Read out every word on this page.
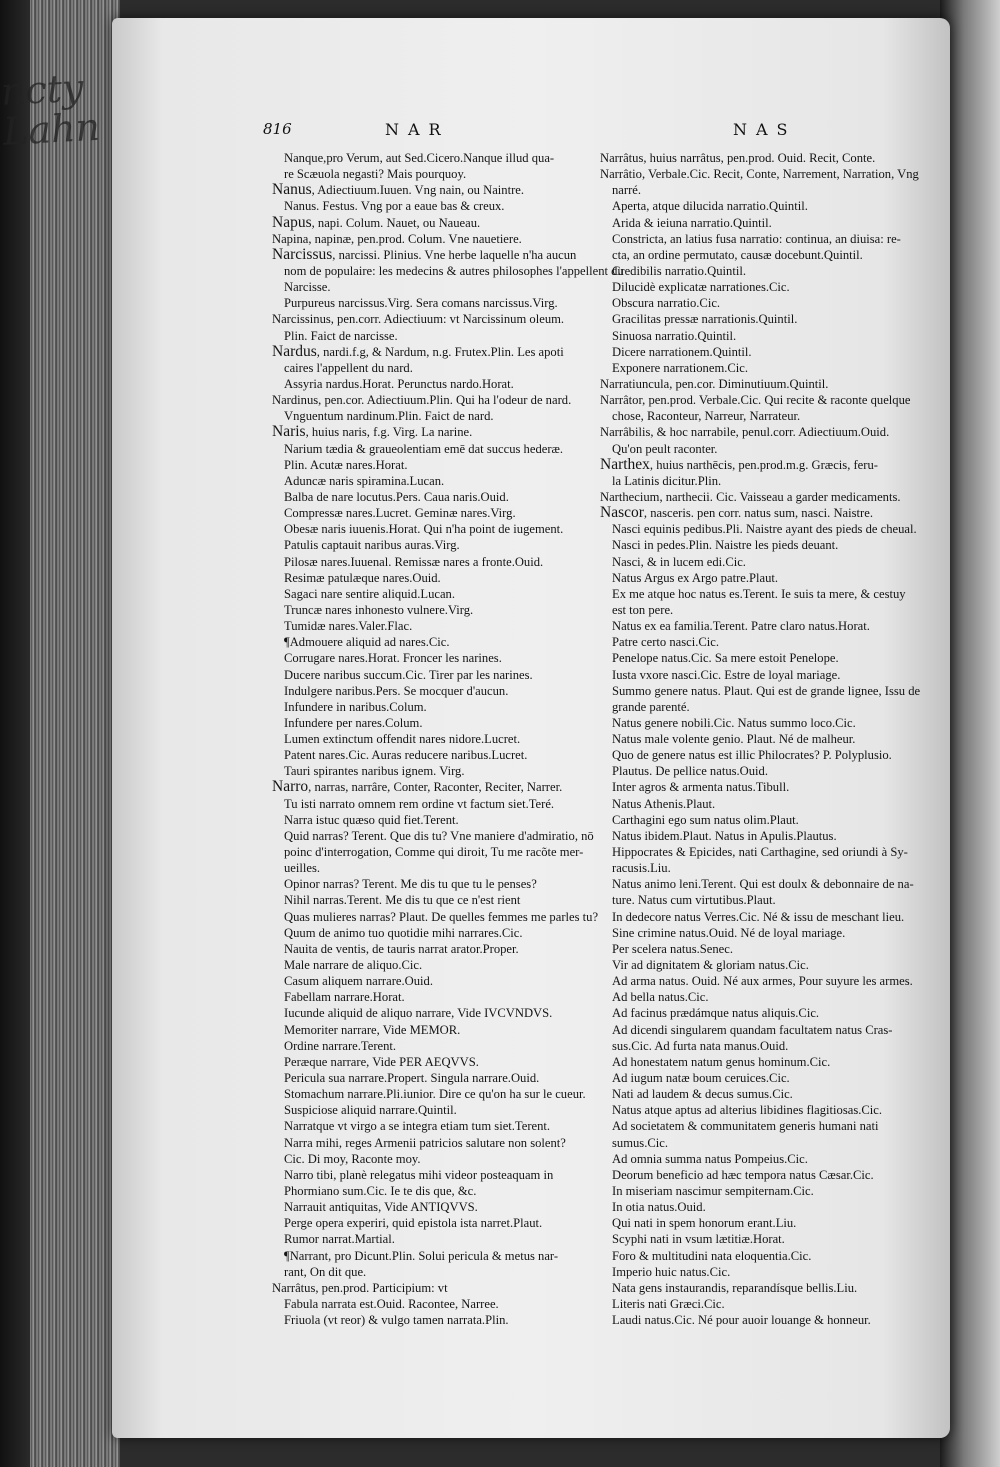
ncty Lahn	816	NAR	NAS
Nanque,pro Verum, aut Sed.Cicero.Nanque illud qua-
re Scæuola negasti? Mais pourquoy.
Nanus, Adiectiuum.Iuuen. Vng nain, ou Naintre.
Nanus. Festus. Vng por a eaue bas & creux.
Napus, napi. Colum. Nauet, ou Naueau.
Napina, napinæ, pen.prod. Colum. Vne nauetiere.
Narcissus, narcissi. Plinius. Vne herbe laquelle n'ha aucun
nom de populaire: les medecins & autres philosophes l'appellent du
Narcisse.
Purpureus narcissus.Virg. Sera comans narcissus.Virg.
Narcissinus, pen.corr. Adiectiuum: vt Narcissinum oleum.
Plin. Faict de narcisse.
Nardus, nardi.f.g, & Nardum, n.g. Frutex.Plin. Les apoti
caires l'appellent du nard.
Assyria nardus.Horat. Perunctus nardo.Horat.
Nardinus, pen.cor. Adiectiuum.Plin. Qui ha l'odeur de nard.
Vnguentum nardinum.Plin. Faict de nard.
Naris, huius naris, f.g. Virg. La narine.
Narium tædia & graueolentiam emē dat succus hederæ.
Plin. Acutæ nares.Horat.
Aduncæ naris spiramina.Lucan.
Balba de nare locutus.Pers. Caua naris.Ouid.
Compressæ nares.Lucret. Geminæ nares.Virg.
Obesæ naris iuuenis.Horat. Qui n'ha point de iugement.
Patulis captauit naribus auras.Virg.
Pilosæ nares.Iuuenal. Remissæ nares a fronte.Ouid.
Resimæ patulæque nares.Ouid.
Sagaci nare sentire aliquid.Lucan.
Truncæ nares inhonesto vulnere.Virg.
Tumidæ nares.Valer.Flac.
¶Admouere aliquid ad nares.Cic.
Corrugare nares.Horat. Froncer les narines.
Ducere naribus succum.Cic. Tirer par les narines.
Indulgere naribus.Pers. Se mocquer d'aucun.
Infundere in naribus.Colum.
Infundere per nares.Colum.
Lumen extinctum offendit nares nidore.Lucret.
Patent nares.Cic. Auras reducere naribus.Lucret.
Tauri spirantes naribus ignem. Virg.
Narro, narras, narrâre, Conter, Raconter, Reciter, Narrer.
Tu isti narrato omnem rem ordine vt factum siet.Teré.
Narra istuc quæso quid fiet.Terent.
Quid narras? Terent. Que dis tu? Vne maniere d'admiratio, nō
poinc d'interrogation, Comme qui diroit, Tu me racõte mer-
ueilles.
Opinor narras? Terent. Me dis tu que tu le penses?
Nihil narras.Terent. Me dis tu que ce n'est rient
Quas mulieres narras? Plaut. De quelles femmes me parles tu?
Quum de animo tuo quotidie mihi narrares.Cic.
Nauita de ventis, de tauris narrat arator.Proper.
Male narrare de aliquo.Cic.
Casum aliquem narrare.Ouid.
Fabellam narrare.Horat.
Iucunde aliquid de aliquo narrare, Vide IVCVNDVS.
Memoriter narrare, Vide MEMOR.
Ordine narrare.Terent.
Peræque narrare, Vide PER AEQVVS.
Pericula sua narrare.Propert. Singula narrare.Ouid.
Stomachum narrare.Pli.iunior. Dire ce qu'on ha sur le cueur.
Suspiciose aliquid narrare.Quintil.
Narratque vt virgo a se integra etiam tum siet.Terent.
Narra mihi, reges Armenii patricios salutare non solent?
Cic. Di moy, Raconte moy.
Narro tibi, planè relegatus mihi videor posteaquam in
Phormiano sum.Cic. Ie te dis que, &c.
Narrauit antiquitas, Vide ANTIQVVS.
Perge opera experiri, quid epistola ista narret.Plaut.
Rumor narrat.Martial.
¶Narrant, pro Dicunt.Plin. Solui pericula & metus nar-
rant, On dit que.
Narrâtus, pen.prod. Participium: vt
Fabula narrata est.Ouid. Racontee, Narree.
Friuola (vt reor) & vulgo tamen narrata.Plin.
Narrâtus, huius narrâtus, pen.prod. Ouid. Recit, Conte.
Narrâtio, Verbale.Cic. Recit, Conte, Narrement, Narration, Vng
narré.
Aperta, atque dilucida narratio.Quintil.
Arida & ieiuna narratio.Quintil.
Constricta, an latius fusa narratio: continua, an diuisa: re-
cta, an ordine permutato, causæ docebunt.Quintil.
Credibilis narratio.Quintil.
Dilucidè explicatæ narrationes.Cic.
Obscura narratio.Cic.
Gracilitas pressæ narrationis.Quintil.
Sinuosa narratio.Quintil.
Dicere narrationem.Quintil.
Exponere narrationem.Cic.
Narratiuncula, pen.cor. Diminutiuum.Quintil.
Narrâtor, pen.prod. Verbale.Cic. Qui recite & raconte quelque
chose, Raconteur, Narreur, Narrateur.
Narrâbilis, & hoc narrabile, penul.corr. Adiectiuum.Ouid.
Qu'on peult raconter.
Narthex, huius narthēcis, pen.prod.m.g. Græcis, feru-
la Latinis dicitur.Plin.
Narthecium, narthecii. Cic. Vaisseau a garder medicaments.
Nascor, nasceris. pen corr. natus sum, nasci. Naistre.
Nasci equinis pedibus.Pli. Naistre ayant des pieds de cheual.
Nasci in pedes.Plin. Naistre les pieds deuant.
Nasci, & in lucem edi.Cic.
Natus Argus ex Argo patre.Plaut.
Ex me atque hoc natus es.Terent. Ie suis ta mere, & cestuy
est ton pere.
Natus ex ea familia.Terent. Patre claro natus.Horat.
Patre certo nasci.Cic.
Penelope natus.Cic. Sa mere estoit Penelope.
Iusta vxore nasci.Cic. Estre de loyal mariage.
Summo genere natus. Plaut. Qui est de grande lignee, Issu de
grande parenté.
Natus genere nobili.Cic. Natus summo loco.Cic.
Natus male volente genio. Plaut. Né de malheur.
Quo de genere natus est illic Philocrates? P. Polyplusio.
Plautus. De pellice natus.Ouid.
Inter agros & armenta natus.Tibull.
Natus Athenis.Plaut.
Carthagini ego sum natus olim.Plaut.
Natus ibidem.Plaut. Natus in Apulis.Plautus.
Hippocrates & Epicides, nati Carthagine, sed oriundi à Sy-
racusis.Liu.
Natus animo leni.Terent. Qui est doulx & debonnaire de na-
ture. Natus cum virtutibus.Plaut.
In dedecore natus Verres.Cic. Né & issu de meschant lieu.
Sine crimine natus.Ouid. Né de loyal mariage.
Per scelera natus.Senec.
Vir ad dignitatem & gloriam natus.Cic.
Ad arma natus. Ouid. Né aux armes, Pour suyure les armes.
Ad bella natus.Cic.
Ad facinus prædámque natus aliquis.Cic.
Ad dicendi singularem quandam facultatem natus Cras-
sus.Cic. Ad furta nata manus.Ouid.
Ad honestatem natum genus hominum.Cic.
Ad iugum natæ boum ceruices.Cic.
Nati ad laudem & decus sumus.Cic.
Natus atque aptus ad alterius libidines flagitiosas.Cic.
Ad societatem & communitatem generis humani nati
sumus.Cic.
Ad omnia summa natus Pompeius.Cic.
Deorum beneficio ad hæc tempora natus Cæsar.Cic.
In miseriam nascimur sempiternam.Cic.
In otia natus.Ouid.
Qui nati in spem honorum erant.Liu.
Scyphi nati in vsum lætitiæ.Horat.
Foro & multitudini nata eloquentia.Cic.
Imperio huic natus.Cic.
Nata gens instaurandis, reparandísque bellis.Liu.
Literis nati Græci.Cic.
Laudi natus.Cic. Né pour auoir louange & honneur.
